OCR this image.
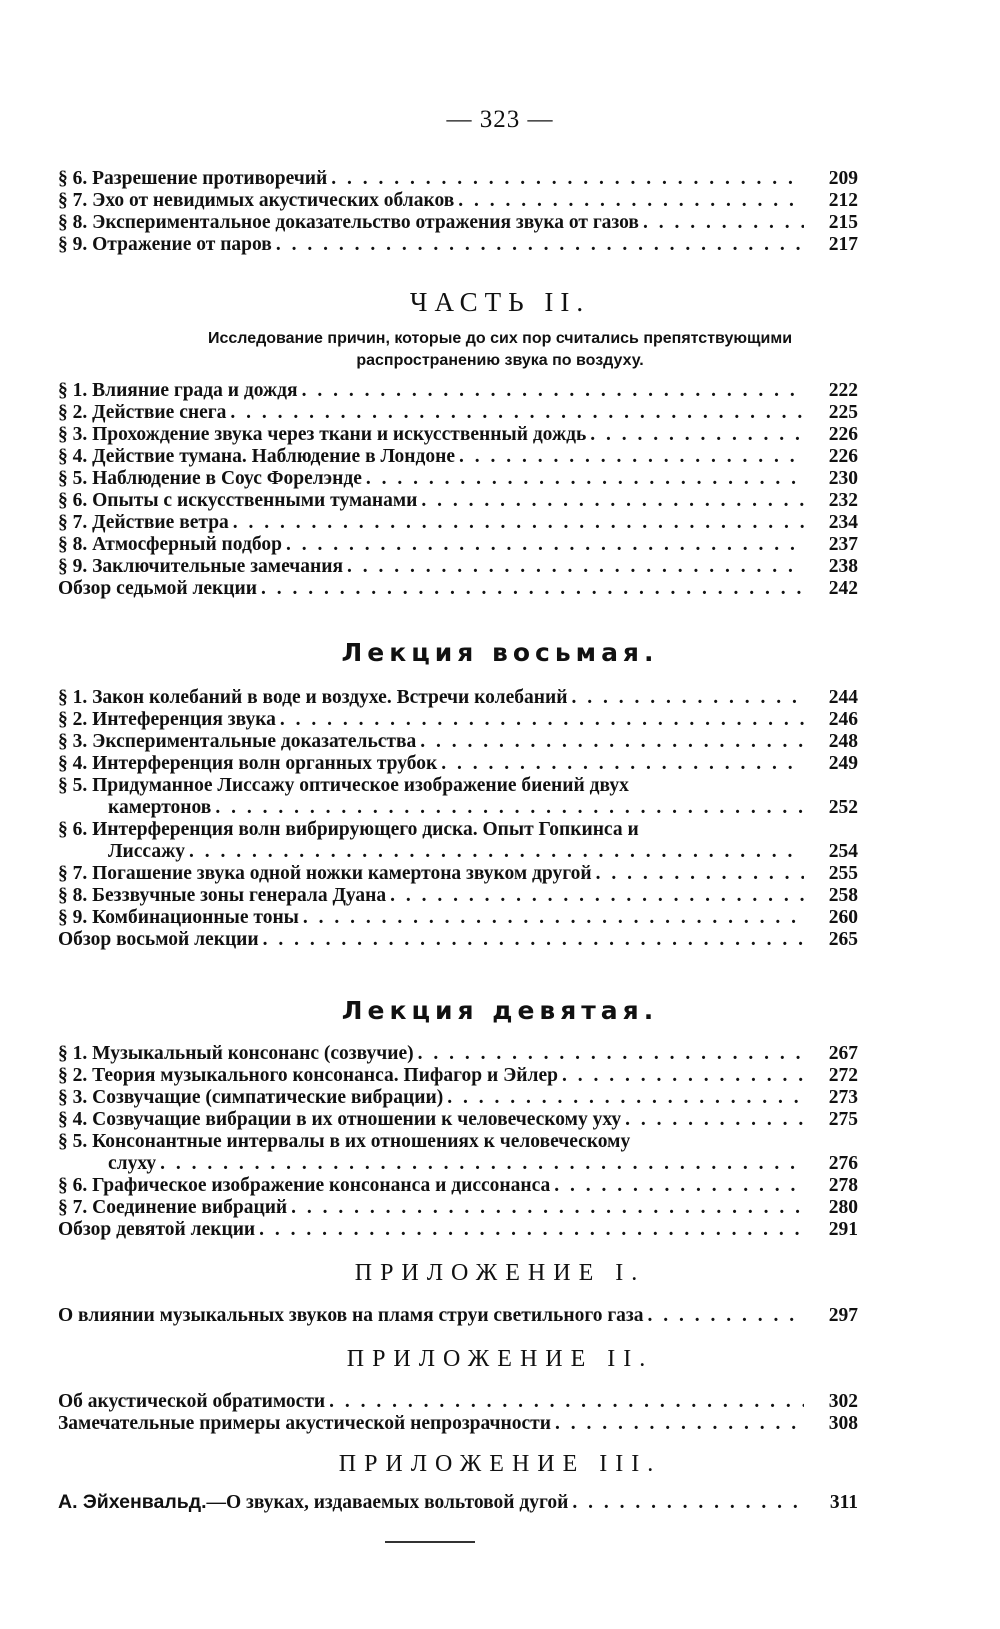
— 323 —
§ 6. Разрешение противоречий . . .	209
§ 7. Эхо от невидимых акустических облаков . . .	212
§ 8. Экспериментальное доказательство отражения звука от газов . . .	215
§ 9. Отражение от паров . . .	217
ЧАСТЬ II.
Исследование причин, которые до сих пор считались препятствующими
распространению звука по воздуху.
§ 1. Влияние града и дождя . . .	222
§ 2. Действие снега . . .	225
§ 3. Прохождение звука через ткани и искусственный дождь . . .	226
§ 4. Действие тумана. Наблюдение в Лондоне . . .	226
§ 5. Наблюдение в Соус Форелэнде . . .	230
§ 6. Опыты с искусственными туманами . . .	232
§ 7. Действие ветра . . .	234
§ 8. Атмосферный подбор . . .	237
§ 9. Заключительные замечания . . .	238
Обзор седьмой лекции . . .	242
Лекция восьмая.
§ 1. Закон колебаний в воде и воздухе. Встречи колебаний . . .	244
§ 2. Интеференция звука . . .	246
§ 3. Экспериментальные доказательства . . .	248
§ 4. Интерференция волн органных трубок . . .	249
§ 5. Придуманное Лиссажу оптическое изображение биений двух
камертонов . . .	252
§ 6. Интерференция волн вибрирующего диска. Опыт Гопкинса и
Лиссажу . . .	254
§ 7. Погашение звука одной ножки камертона звуком другой . . .	255
§ 8. Беззвучные зоны генерала Дуана . . .	258
§ 9. Комбинационные тоны . . .	260
Обзор восьмой лекции . . .	265
Лекция девятая.
§ 1. Музыкальный консонанс (созвучие) . . .	267
§ 2. Теория музыкального консонанса. Пифагор и Эйлер . . .	272
§ 3. Созвучащие (симпатические вибрации) . . .	273
§ 4. Созвучащие вибрации в их отношении к человеческому уху . . .	275
§ 5. Консонантные интервалы в их отношениях к человеческому
слуху . . .	276
§ 6. Графическое изображение консонанса и диссонанса . . .	278
§ 7. Соединение вибраций . . .	280
Обзор девятой лекции . . .	291
ПРИЛОЖЕНИЕ I.
О влиянии музыкальных звуков на пламя струи светильного газа . . .	297
ПРИЛОЖЕНИЕ II.
Об акустической обратимости . . .	302
Замечательные примеры акустической непрозрачности . . .	308
ПРИЛОЖЕНИЕ III.
А. Эйхенвальд.—О звуках, издаваемых вольтовой дугой . . .	311
